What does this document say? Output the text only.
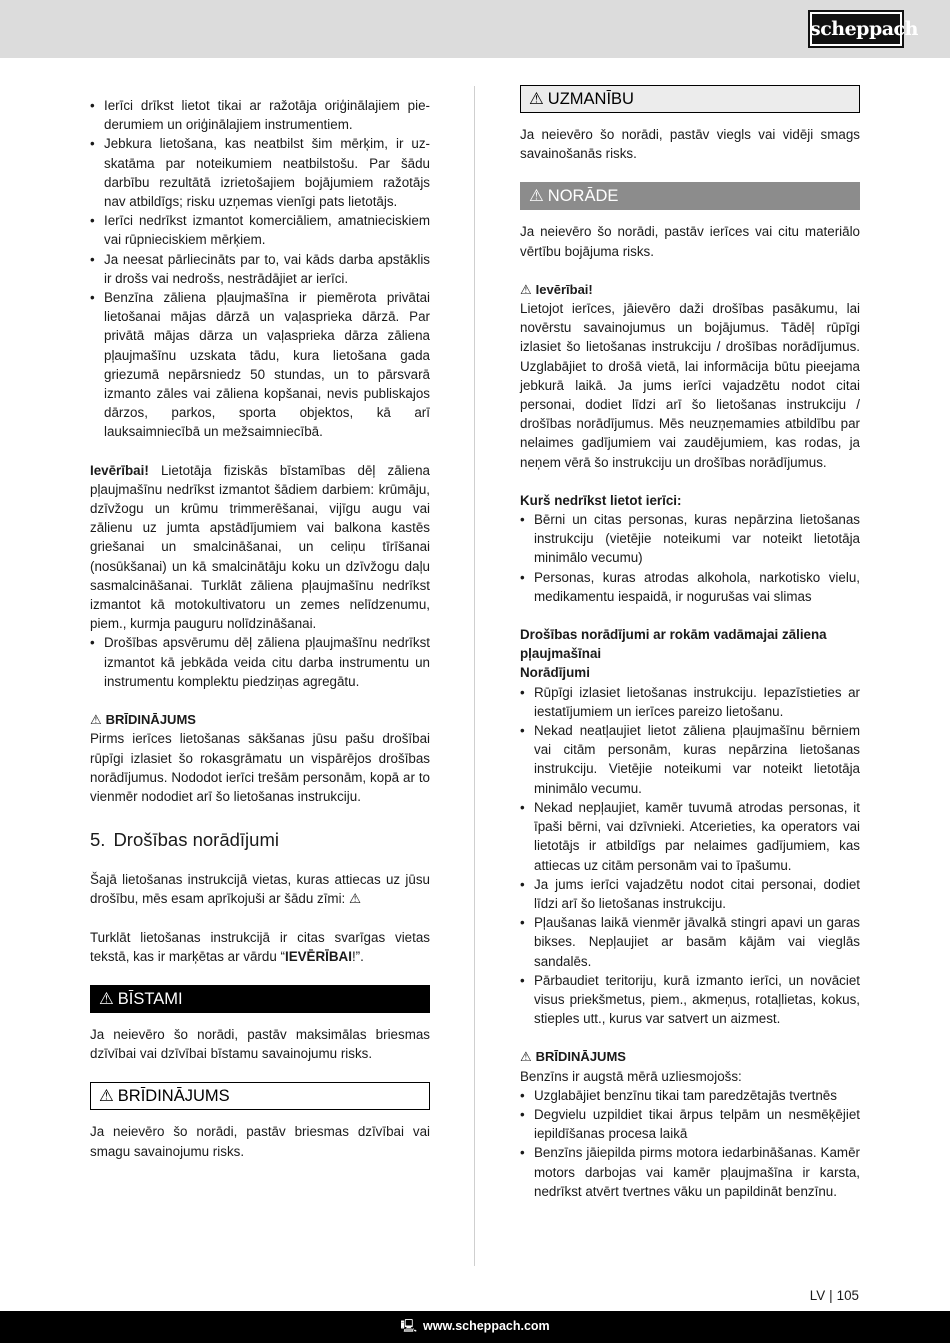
scheppach
• Ierīci drīkst lietot tikai ar ražotāja oriģinālajiem piederumiem un oriģinālajiem instrumentiem.
• Jebkura lietošana, kas neatbilst šim mērķim, ir uzskatāma par noteikumiem neatbilstošu. Par šādu darbību rezultātā izrietošajiem bojājumiem ražotājs nav atbildīgs; risku uzņemas vienīgi pats lietotājs.
• Ierīci nedrīkst izmantot komerciāliem, amatnieciskiem vai rūpnieciskiem mērķiem.
• Ja neesat pārliecināts par to, vai kāds darba apstāklis ir drošs vai nedrošs, nestrādājiet ar ierīci.
• Benzīna zāliena pļaujmašīna ir piemērota privātai lietošanai mājas dārzā un vaļasprieka dārzā. Par privātā mājas dārza un vaļasprieka dārza zāliena pļaujmašīnu uzskata tādu, kura lietošana gada griezumā nepārsniedz 50 stundas, un to pārsvarā izmanto zāles vai zāliena kopšanai, nevis publiskajos dārzos, parkos, sporta objektos, kā arī lauksaimniecībā un mežsaimniecībā.

Ievērībai! Lietotāja fiziskās bīstamības dēļ zāliena pļaujmašīnu nedrīkst izmantot šādiem darbiem: krūmāju, dzīvžogu un krūmu trimmerēšanai, vijīgu augu vai zālienu uz jumta apstādījumiem vai balkona kastēs griešanai un smalcināšanai, un celiņu tīrīšanai (nosūkšanai) un kā smalcinātāju koku un dzīvžogu daļu sasmalcināšanai. Turklāt zāliena pļaujmašīnu nedrīkst izmantot kā motokultivatoru un zemes nelīdzenumu, piem., kurmja pauguru nolīdzināšanai.

• Drošības apsvērumu dēļ zāliena pļaujmašīnu nedrīkst izmantot kā jebkāda veida citu darba instrumentu un instrumentu komplektu piedziņas agregātu.
⚠ BRĪDINĀJUMS

Pirms ierīces lietošanas sākšanas jūsu pašu drošībai rūpīgi izlasiet šo rokasgrāmatu un vispārējos drošības norādījumus. Nododot ierīci trešām personām, kopā ar to vienmēr nododiet arī šo lietošanas instrukciju.

5. Drošības norādījumi

Šajā lietošanas instrukcijā vietas, kuras attiecas uz jūsu drošību, mēs esam aprīkojuši ar šādu zīmi: ⚠

Turklāt lietošanas instrukcijā ir citas svarīgas vietas tekstā, kas ir marķētas ar vārdu “IEVĒRĪBAI!”.

⚠ BĪSTAMI

Ja neievēro šo norādi, pastāv maksimālas briesmas dzīvībai vai dzīvībai bīstamu savainojumu risks.

⚠ BRĪDINĀJUMS

Ja neievēro šo norādi, pastāv briesmas dzīvībai vai smagu savainojumu risks.

⚠ UZMANĪBU

Ja neievēro šo norādi, pastāv viegls vai vidēji smags savainošanās risks.

⚠ NORĀDE

Ja neievēro šo norādi, pastāv ierīces vai citu materiālo vērtību bojājuma risks.

⚠ Ievērībai!

Lietojot ierīces, jāievēro daži drošības pasākumu, lai novērstu savainojumus un bojājumus. Tādēļ rūpīgi izlasiet šo lietošanas instrukciju / drošības norādījumus. Uzglabājiet to drošā vietā, lai informācija būtu pieejama jebkurā laikā. Ja jums ierīci vajadzētu nodot citai personai, dodiet līdzi arī šo lietošanas instrukciju / drošības norādījumus. Mēs neuzņemamies atbildību par nelaimes gadījumiem vai zaudējumiem, kas rodas, ja neņem vērā šo instrukciju un drošības norādījumus.

Kurš nedrīkst lietot ierīci:
• Bērni un citas personas, kuras nepārzina lietošanas instrukciju (vietējie noteikumi var noteikt lietotāja minimālo vecumu)
• Personas, kuras atrodas alkohola, narkotisko vielu, medikamentu iespaidā, ir nogurušas vai slimas
Drošības norādījumi ar rokām vadāmajai zāliena pļaujmašīnai
Norādījumi
• Rūpīgi izlasiet lietošanas instrukciju. Iepazīstieties ar iestatījumiem un ierīces pareizo lietošanu.
• Nekad neatļaujiet lietot zāliena pļaujmašīnu bērniem vai citām personām, kuras nepārzina lietošanas instrukciju. Vietējie noteikumi var noteikt lietotāja minimālo vecumu.
• Nekad nepļaujiet, kamēr tuvumā atrodas personas, it īpaši bērni, vai dzīvnieki. Atcerieties, ka operators vai lietotājs ir atbildīgs par nelaimes gadījumiem, kas attiecas uz citām personām vai to īpašumu.
• Ja jums ierīci vajadzētu nodot citai personai, dodiet līdzi arī šo lietošanas instrukciju.
• Pļaušanas laikā vienmēr jāvalkā stingri apavi un garas bikses. Nepļaujiet ar basām kājām vai vieglās sandalēs.
• Pārbaudiet teritoriju, kurā izmanto ierīci, un novāciet visus priekšmetus, piem., akmeņus, rotaļlietas, kokus, stieples utt., kurus var satvert un aizmest.
⚠ BRĪDINĀJUMS

Benzīns ir augstā mērā uzliesmojošs:

• Uzglabājiet benzīnu tikai tam paredzētajās tvertnēs
• Degvielu uzpildiet tikai ārpus telpām un nesmēķējiet iepildīšanas procesa laikā
• Benzīns jāiepilda pirms motora iedarbināšanas. Kamēr motors darbojas vai kamēr pļaujmašīna ir karsta, nedrīkst atvērt tvertnes vāku un papildināt benzīnu.
LV | 105
🖳 www.scheppach.com
